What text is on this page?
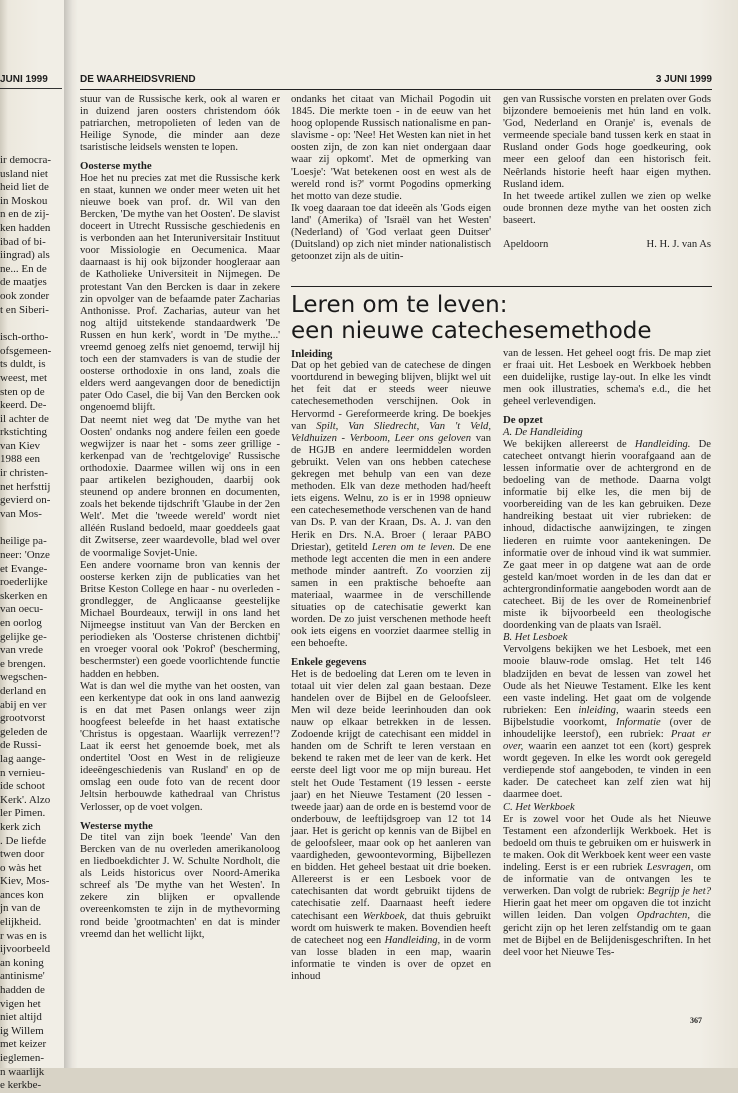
JUNI 1999
ir democra-
usland niet
heid liet de
in Moskou
n en de zij-
ken hadden
ibad of bi-
iingrad) als
ne... En de
de maatjes
ook zonder
t en Siberi-
isch-ortho-
ofsgemeen-
ts duldt, is
weest, met
sten op de
keerd. De-
il achter de
rkstichting
van Kiev
1988 een
ir christen-
net herfsttij
gevierd on-
van Mos-
heilige pa-
neer: 'Onze
et Evange-
roederlijke
skerken en
van oecu-
en oorlog
gelijke ge-
van vrede
e brengen.
wegschen-
derland en
abij en ver
grootvorst
geleden de
de Russi-
lag aange-
n vernieu-
ide schoot
Kerk'. Alzo
ler Pimen.
kerk zich
. De liefde
twen door
o wàs het
Kiev, Mos-
ances kon
jn van de
elijkheid.
r was en is
ijvoorbeeld
an koning
antinisme'
hadden de
vigen het
niet altijd
ig Willem
met keizer
ieglemen-
n waarlijk
e kerkbe-
DE WAARHEIDSVRIEND	3 JUNI 1999

stuur van de Russische kerk, ook al waren er in duizend jaren oosters christendom óók patriarchen, metropolieten of leden van de Heilige Synode, die minder aan deze tsaristische leidsels wensten te lopen.

Oosterse mythe

Hoe het nu precies zat met die Russische kerk en staat, kunnen we onder meer weten uit het nieuwe boek van prof. dr. Wil van den Bercken, 'De mythe van het Oosten'. De slavist doceert in Utrecht Russische geschiedenis en is verbonden aan het Interuniversitair Instituut voor Missiologie en Oecumenica. Maar daarnaast is hij ook bijzonder hoogleraar aan de Katholieke Universiteit in Nijmegen. De protestant Van den Bercken is daar in zekere zin opvolger van de befaamde pater Zacharias Anthonisse. Prof. Zacharias, auteur van het nog altijd uitstekende standaardwerk 'De Russen en hun kerk', wordt in 'De mythe...' vreemd genoeg zelfs niet genoemd, terwijl hij toch een der stamvaders is van de studie der oosterse orthodoxie in ons land, zoals die elders werd aangevangen door de benedictijn pater Odo Casel, die bij Van den Bercken ook ongenoemd blijft.

Dat neemt niet weg dat 'De mythe van het Oosten' ondanks nog andere feilen een goede wegwijzer is naar het - soms zeer grillige - kerkenpad van de 'rechtgelovige' Russische orthodoxie. Daarmee willen wij ons in een paar artikelen bezighouden, daarbij ook steunend op andere bronnen en documenten, zoals het bekende tijdschrift 'Glaube in der 2en Welt'. Met die 'tweede wereld' wordt niet alléén Rusland bedoeld, maar goeddeels gaat dit Zwitserse, zeer waardevolle, blad wel over de voormalige Sovjet-Unie.

Een andere voorname bron van kennis der oosterse kerken zijn de publicaties van het Britse Keston College en haar - nu overleden - grondlegger, de Anglicaanse geestelijke Michael Bourdeaux, terwijl in ons land het Nijmeegse instituut van Van der Bercken en periodieken als 'Oosterse christenen dichtbij' en vroeger vooral ook 'Pokrof' (bescherming, beschermster) een goede voorlichtende functie hadden en hebben.

Wat is dan wel die mythe van het oosten, van een kerkentype dat ook in ons land aanwezig is en dat met Pasen onlangs weer zijn hoogfeest beleefde in het haast extatische 'Christus is opgestaan. Waarlijk verrezen!'? Laat ik eerst het genoemde boek, met als ondertitel 'Oost en West in de religieuze ideeëngeschiedenis van Rusland' en op de omslag een oude foto van de recent door Jeltsin herbouwde kathedraal van Christus Verlosser, op de voet volgen.

Westerse mythe

De titel van zijn boek 'leende' Van den Bercken van de nu overleden amerikanoloog en liedboekdichter J. W. Schulte Nordholt, die als Leids historicus over Noord-Amerika schreef als 'De mythe van het Westen'. In zekere zin blijken er opvallende overeenkomsten te zijn in de mythevorming rond beide 'grootmachten' en dat is minder vreemd dan het wellicht lijkt,

ondanks het citaat van Michail Pogodin uit 1845. Die merkte toen - in de eeuw van het hoog oplopende Russisch nationalisme en pan-slavisme - op: 'Nee! Het Westen kan niet in het oosten zijn, de zon kan niet ondergaan daar waar zij opkomt'. Met de opmerking van 'Loesje': 'Wat betekenen oost en west als de wereld rond is?' vormt Pogodins opmerking het motto van deze studie.

Ik voeg daaraan toe dat ideeën als 'Gods eigen land' (Amerika) of 'Israël van het Westen' (Nederland) of 'God verlaat geen Duitser' (Duitsland) op zich niet minder nationalistisch getoonzet zijn als de uitin-

gen van Russische vorsten en prelaten over Gods bijzondere bemoeienis met hún land en volk. 'God, Nederland en Oranje' is, evenals de vermeende speciale band tussen kerk en staat in Rusland onder Gods hoge goedkeuring, ook meer een geloof dan een historisch feit. Neêrlands historie heeft haar eigen mythen. Rusland idem.

In het tweede artikel zullen we zien op welke oude bronnen deze mythe van het oosten zich baseert.

Apeldoorn	H. H. J. van As
Leren om te leven:
een nieuwe catechesemethode
Inleiding

Dat op het gebied van de catechese de dingen voortdurend in beweging blijven, blijkt wel uit het feit dat er steeds weer nieuwe catechesemethoden verschijnen. Ook in Hervormd - Gereformeerde kring. De boekjes van Spilt, Van Sliedrecht, Van 't Veld, Veldhuizen - Verboom, Leer ons geloven van de HGJB en andere leermiddelen worden gebruikt. Velen van ons hebben catechese gekregen met behulp van een van deze methoden. Elk van deze methoden had/heeft iets eigens. Welnu, zo is er in 1998 opnieuw een catechesemethode verschenen van de hand van Ds. P. van der Kraan, Ds. A. J. van den Herik en Drs. N.A. Broer ( leraar PABO Driestar), getiteld Leren om te leven. De ene methode legt accenten die men in een andere methode minder aantreft. Zo voorzien zij samen in een praktische behoefte aan materiaal, waarmee in de verschillende situaties op de catechisatie gewerkt kan worden. De zo juist verschenen methode heeft ook iets eigens en voorziet daarmee stellig in een behoefte.

Enkele gegevens

Het is de bedoeling dat Leren om te leven in totaal uit vier delen zal gaan bestaan. Deze handelen over de Bijbel en de Geloofsleer. Men wil deze beide leerinhouden dan ook nauw op elkaar betrekken in de lessen. Zodoende krijgt de catechisant een middel in handen om de Schrift te leren verstaan en bekend te raken met de leer van de kerk. Het eerste deel ligt voor me op mijn bureau. Het stelt het Oude Testament (19 lessen - eerste jaar) en het Nieuwe Testament (20 lessen - tweede jaar) aan de orde en is bestemd voor de onderbouw, de leeftijdsgroep van 12 tot 14 jaar. Het is gericht op kennis van de Bijbel en de geloofsleer, maar ook op het aanleren van vaardigheden, gewoontevorming, Bijbellezen en bidden. Het geheel bestaat uit drie boeken. Allereerst is er een Lesboek voor de catechisanten dat wordt gebruikt tijdens de catechisatie zelf. Daarnaast heeft iedere catechisant een Werkboek, dat thuis gebruikt wordt om huiswerk te maken. Bovendien heeft de catecheet nog een Handleiding, in de vorm van losse bladen in een map, waarin informatie te vinden is over de opzet en inhoud

van de lessen. Het geheel oogt fris. De map ziet er fraai uit. Het Lesboek en Werkboek hebben een duidelijke, rustige lay-out. In elke les vindt men ook illustraties, schema's e.d., die het geheel verlevendigen.

De opzet
A. De Handleiding

We bekijken allereerst de Handleiding. De catecheet ontvangt hierin voorafgaand aan de lessen informatie over de achtergrond en de bedoeling van de methode. Daarna volgt informatie bij elke les, die men bij de voorbereiding van de les kan gebruiken. Deze handreiking bestaat uit vier rubrieken: de inhoud, didactische aanwijzingen, te zingen liederen en ruimte voor aantekeningen. De informatie over de inhoud vind ik wat summier. Ze gaat meer in op datgene wat aan de orde gesteld kan/moet worden in de les dan dat er achtergrondinformatie aangeboden wordt aan de catecheet. Bij de les over de Romeinenbrief miste ik bijvoorbeeld een theologische doordenking van de plaats van Israël.

B. Het Lesboek

Vervolgens bekijken we het Lesboek, met een mooie blauw-rode omslag. Het telt 146 bladzijden en bevat de lessen van zowel het Oude als het Nieuwe Testament. Elke les kent een vaste indeling. Het gaat om de volgende rubrieken: Een inleiding, waarin steeds een Bijbelstudie voorkomt, Informatie (over de inhoudelijke leerstof), een rubriek: Praat er over, waarin een aanzet tot een (kort) gesprek wordt gegeven. In elke les wordt ook geregeld verdiepende stof aangeboden, te vinden in een kader. De catecheet kan zelf zien wat hij daarmee doet.

C. Het Werkboek

Er is zowel voor het Oude als het Nieuwe Testament een afzonderlijk Werkboek. Het is bedoeld om thuis te gebruiken om er huiswerk in te maken. Ook dit Werkboek kent weer een vaste indeling. Eerst is er een rubriek Lesvragen, om de informatie van de ontvangen les te verwerken. Dan volgt de rubriek: Begrijp je het? Hierin gaat het meer om opgaven die tot inzicht willen leiden. Dan volgen Opdrachten, die gericht zijn op het leren zelfstandig om te gaan met de Bijbel en de Belijdenisgeschriften. In het deel voor het Nieuwe Tes-

367
